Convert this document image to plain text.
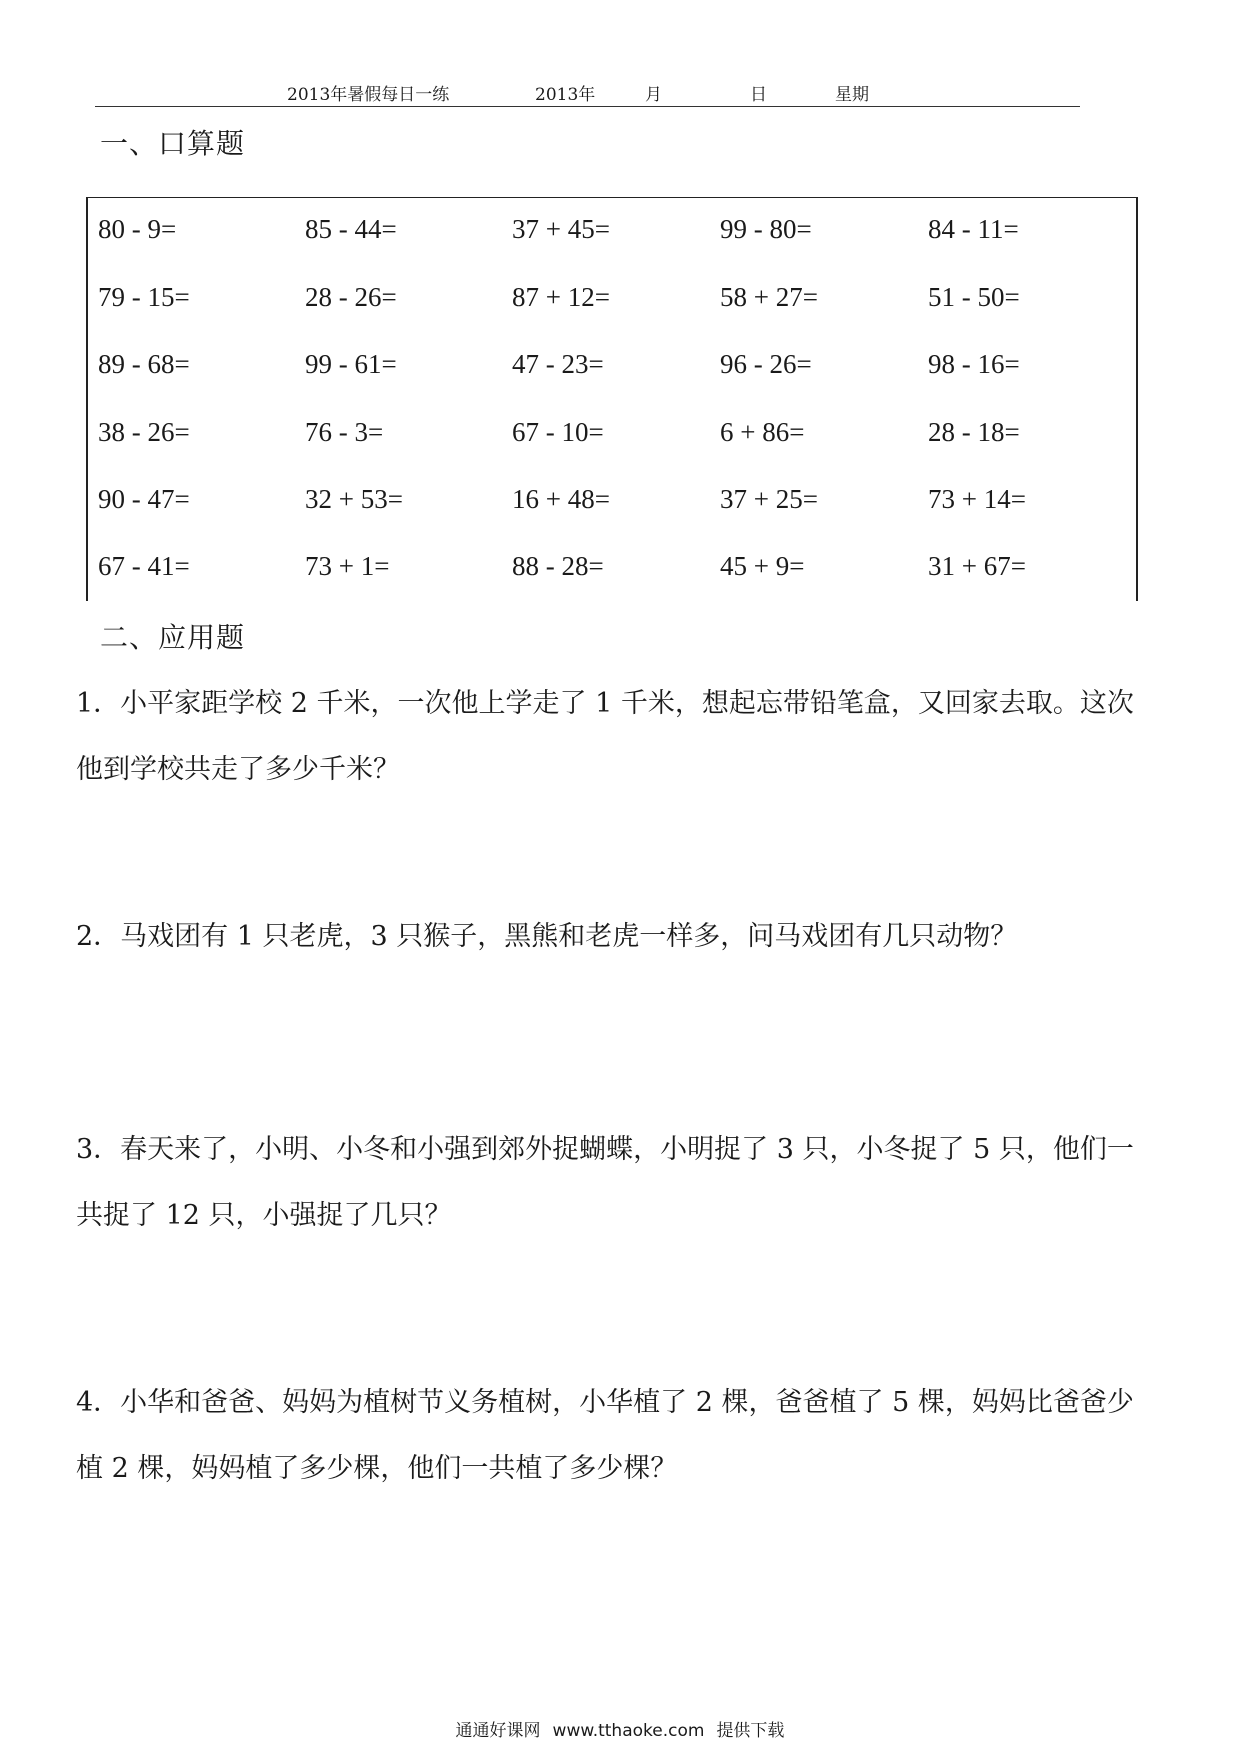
2013年暑假每日一练	2013年	月	日	星期
一、口算题
80 - 9=	85 - 44=	37 + 45=	99 - 80=	84 - 11=
79 - 15=	28 - 26=	87 + 12=	58 + 27=	51 - 50=
89 - 68=	99 - 61=	47 - 23=	96 - 26=	98 - 16=
38 - 26=	76 - 3=	67 - 10=	6 + 86=	28 - 18=
90 - 47=	32 + 53=	16 + 48=	37 + 25=	73 + 14=
67 - 41=	73 + 1=	88 - 28=	45 + 9=	31 + 67=
二、应用题
1．小平家距学校 2 千米，一次他上学走了 1 千米，想起忘带铅笔盒，又回家去取。这次
他到学校共走了多少千米？
2．马戏团有 1 只老虎，3 只猴子，黑熊和老虎一样多，问马戏团有几只动物？
3．春天来了，小明、小冬和小强到郊外捉蝴蝶，小明捉了 3 只，小冬捉了 5 只，他们一
共捉了 12 只，小强捉了几只？
4．小华和爸爸、妈妈为植树节义务植树，小华植了 2 棵，爸爸植了 5 棵，妈妈比爸爸少
植 2 棵，妈妈植了多少棵，他们一共植了多少棵？
通通好课网 www.tthaoke.com 提供下载
